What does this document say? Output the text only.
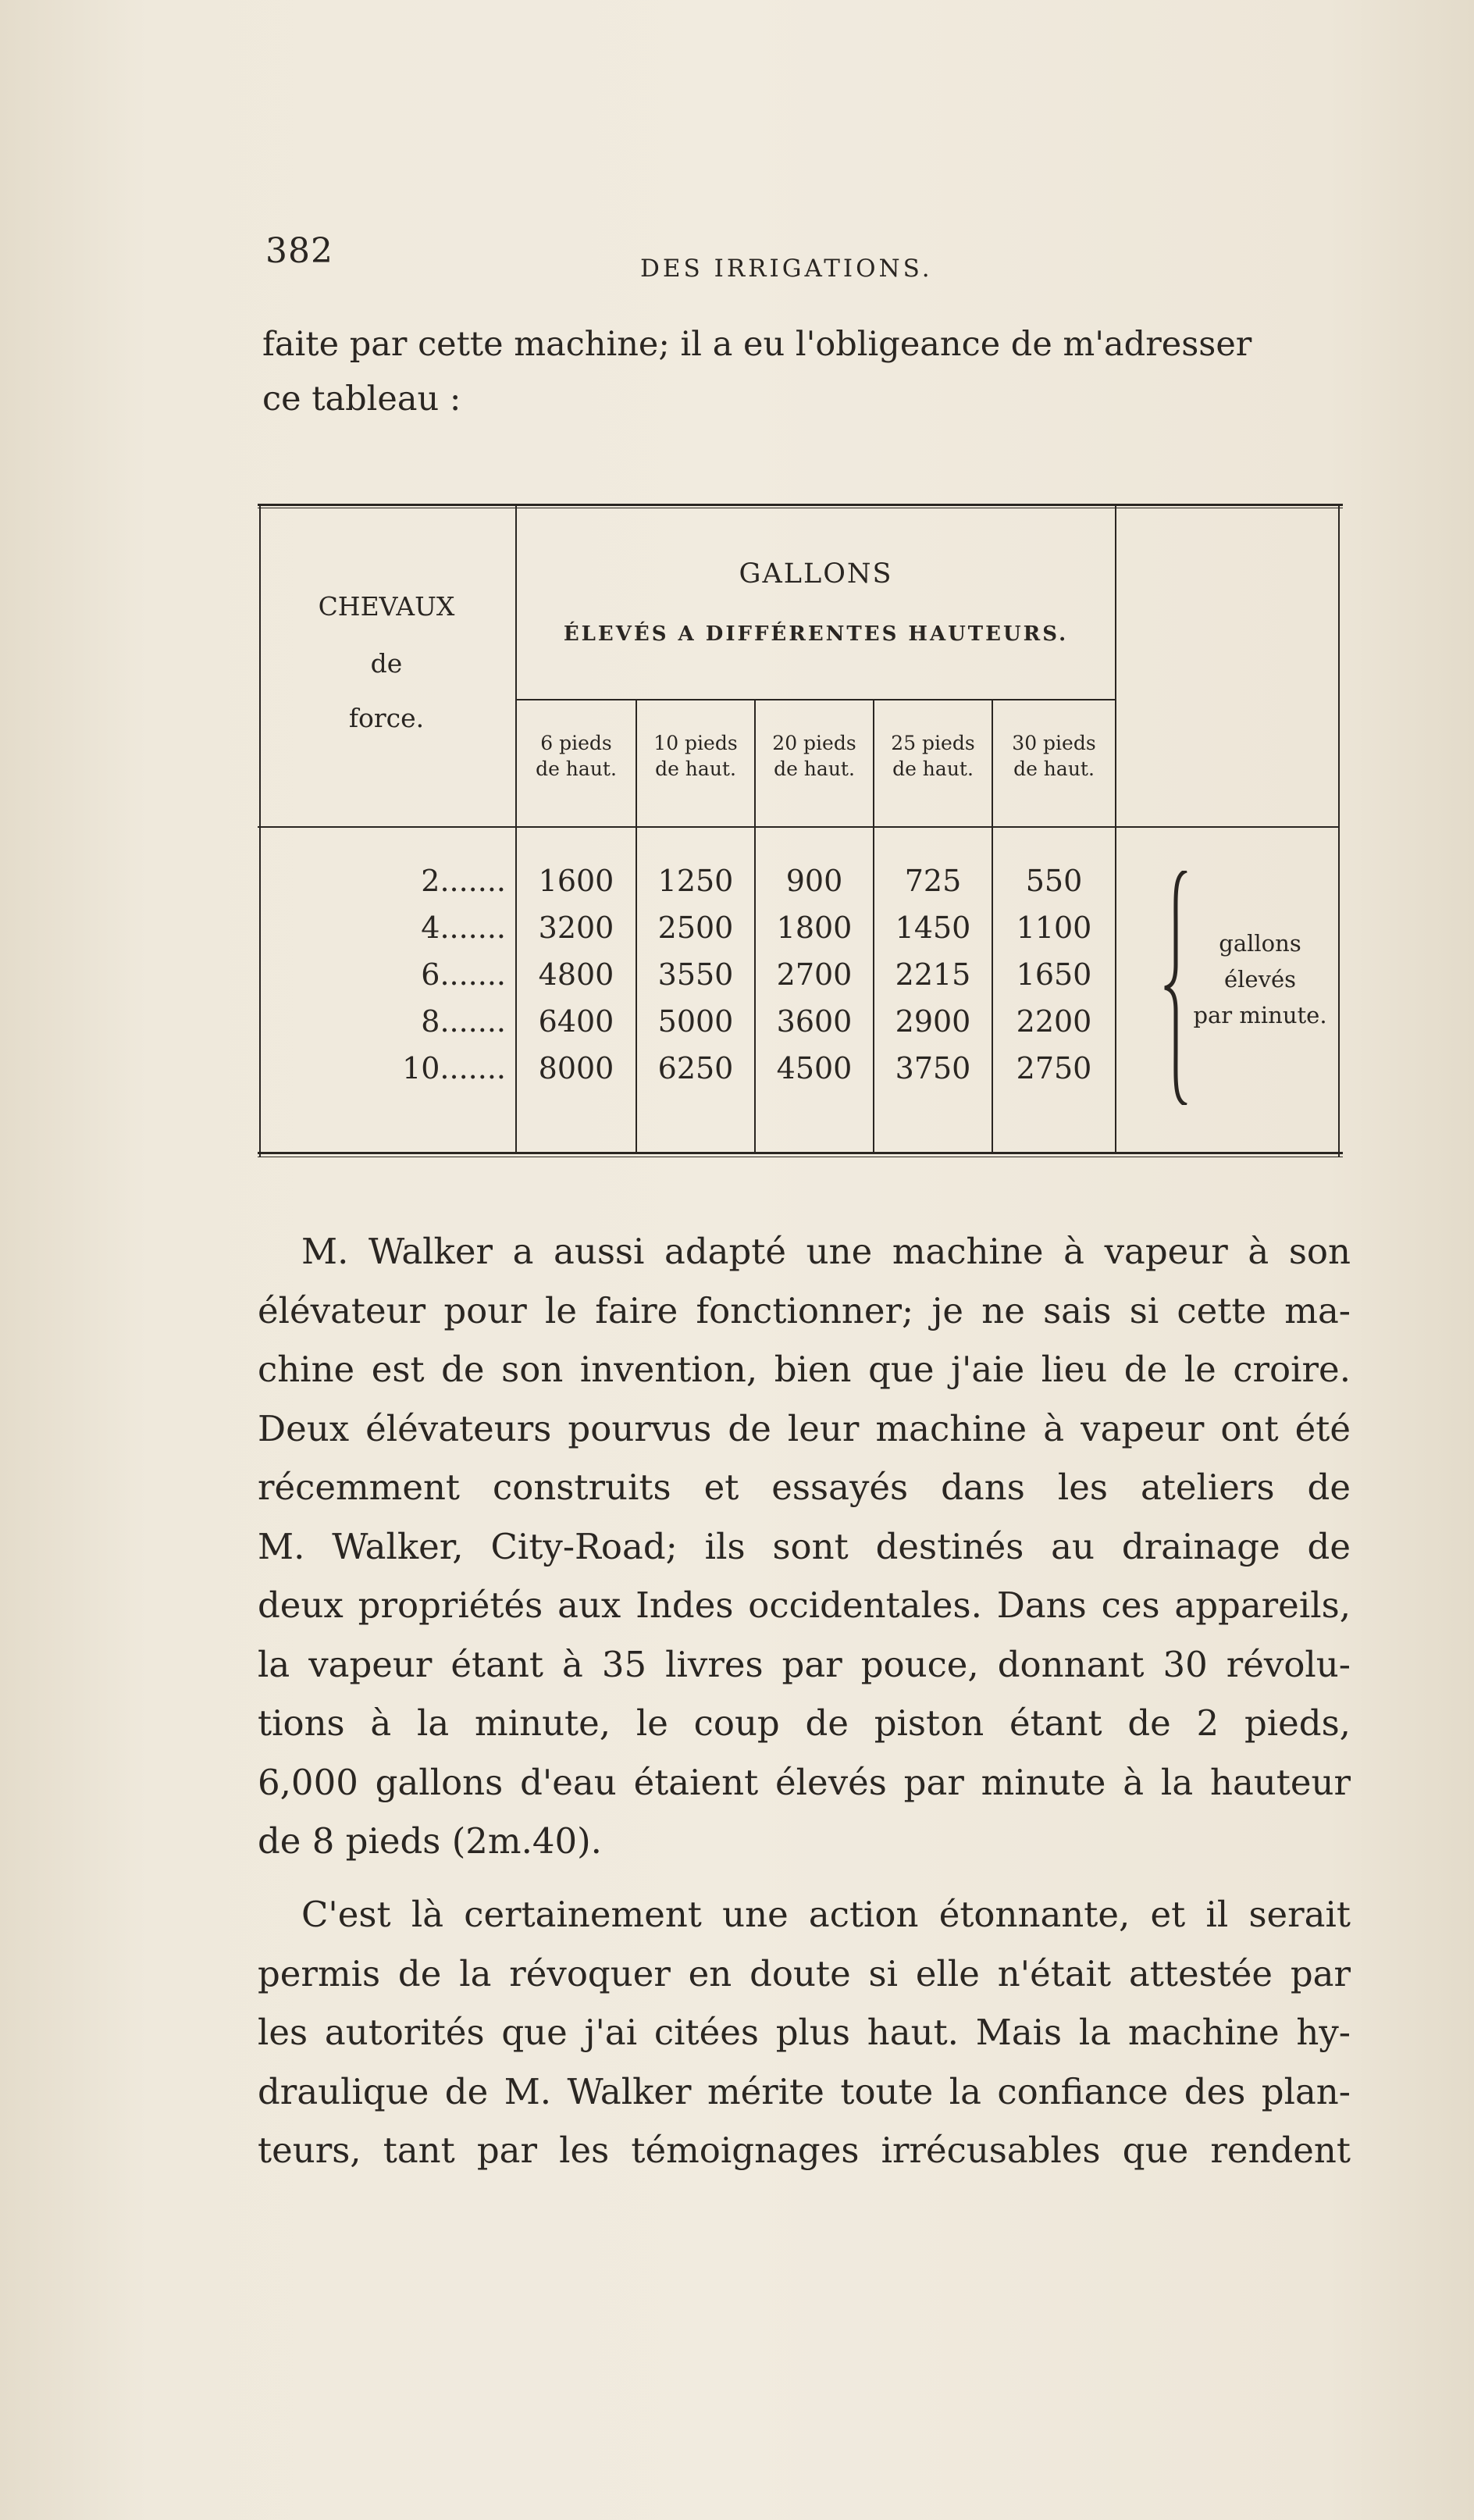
382	DES IRRIGATIONS.
faite par cette machine; il a eu l'obligeance de m'adresser
ce tableau :
CHEVAUX
de
force.
GALLONS
ÉLEVÉS A DIFFÉRENTES HAUTEURS.
6 pieds
de haut.
10 pieds
de haut.
20 pieds
de haut.
25 pieds
de haut.
30 pieds
de haut.
2.......	1600	1250	900	725	550
4.......	3200	2500	1800	1450	1100
6.......	4800	3550	2700	2215	1650
8.......	6400	5000	3600	2900	2200
10.......	8000	6250	4500	3750	2750
gallons
élevés
par minute.
M. Walker a aussi adapté une machine à vapeur à son
élévateur pour le faire fonctionner; je ne sais si cette ma-
chine est de son invention, bien que j'aie lieu de le croire.
Deux élévateurs pourvus de leur machine à vapeur ont été
récemment construits et essayés dans les ateliers de
M. Walker, City-Road; ils sont destinés au drainage de
deux propriétés aux Indes occidentales. Dans ces appareils,
la vapeur étant à 35 livres par pouce, donnant 30 révolu-
tions à la minute, le coup de piston étant de 2 pieds,
6,000 gallons d'eau étaient élevés par minute à la hauteur
de 8 pieds (2m.40).
C'est là certainement une action étonnante, et il serait
permis de la révoquer en doute si elle n'était attestée par
les autorités que j'ai citées plus haut. Mais la machine hy-
draulique de M. Walker mérite toute la confiance des plan-
teurs, tant par les témoignages irrécusables que rendent
